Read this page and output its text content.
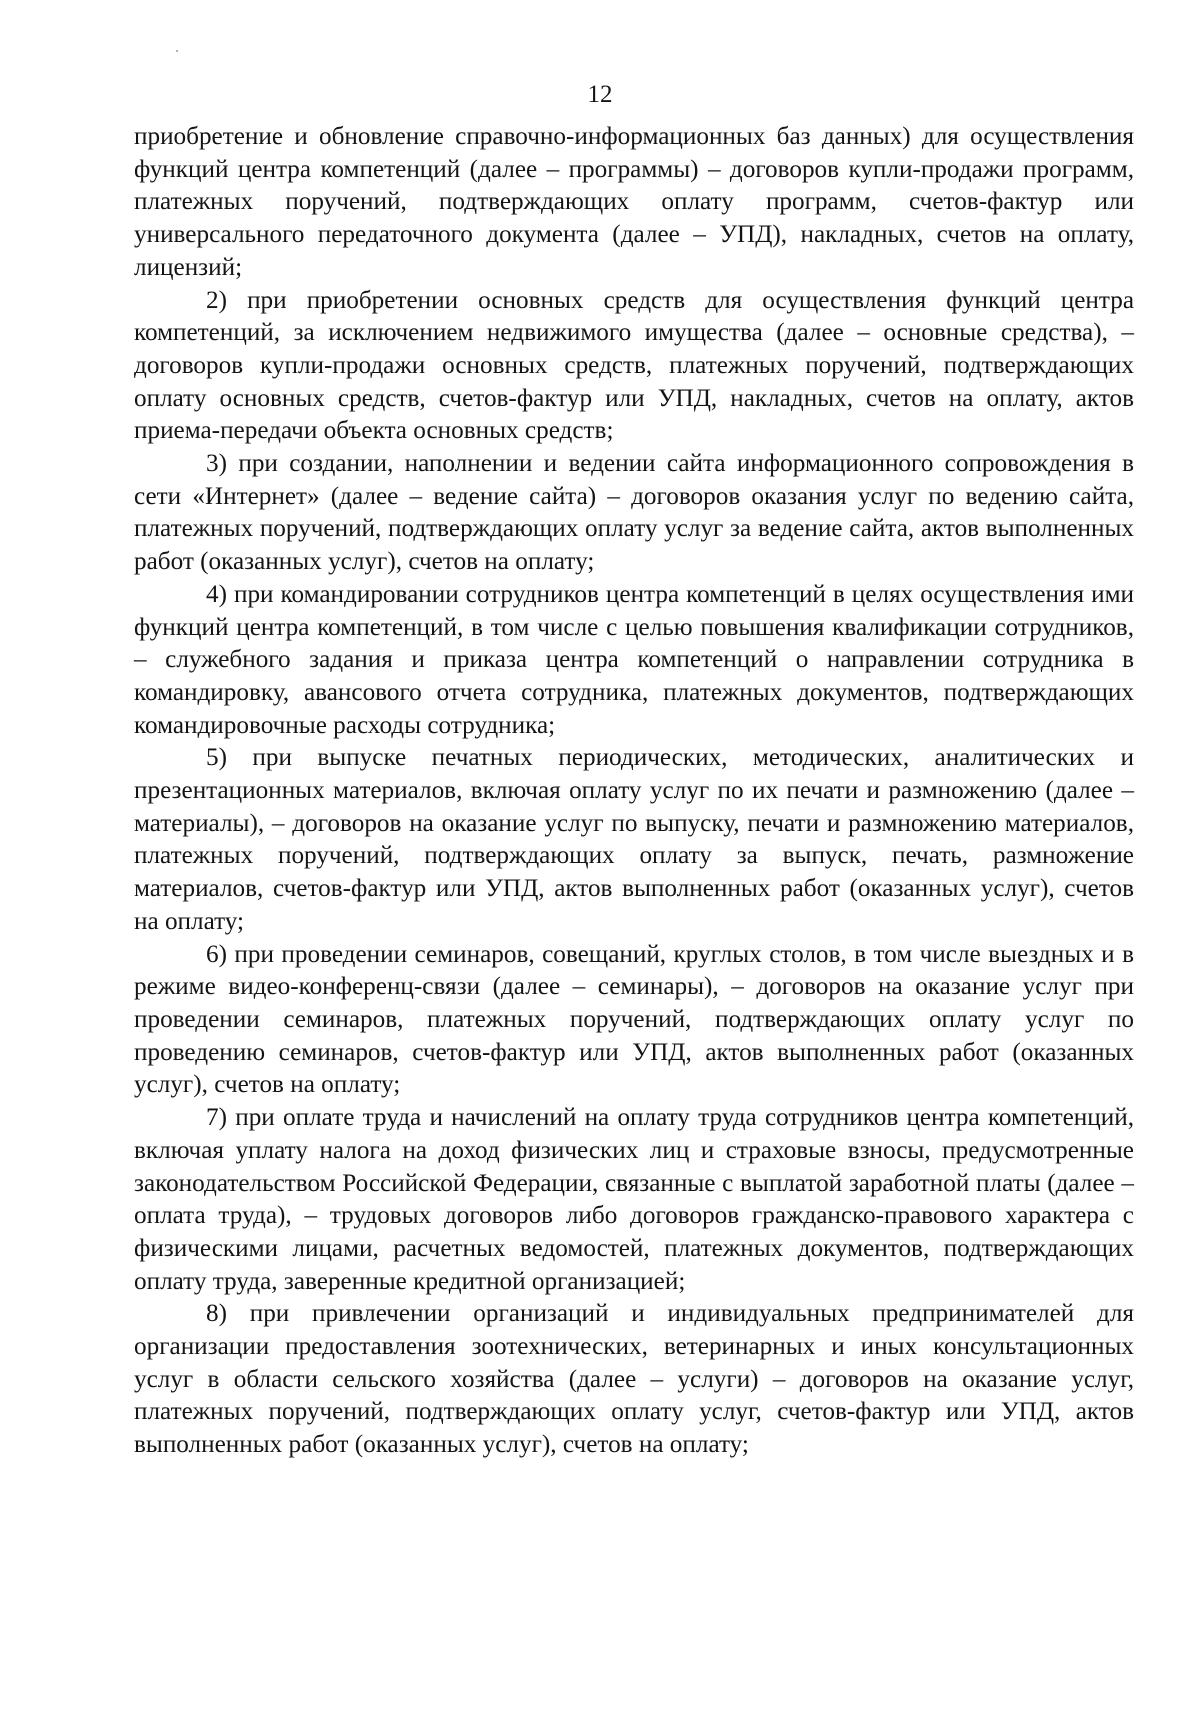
12

приобретение и обновление справочно-информационных баз данных) для осуществления функций центра компетенций (далее – программы) – договоров купли-продажи программ, платежных поручений, подтверждающих оплату программ, счетов-фактур или универсального передаточного документа (далее – УПД), накладных, счетов на оплату, лицензий;

2) при приобретении основных средств для осуществления функций центра компетенций, за исключением недвижимого имущества (далее – основные средства), – договоров купли-продажи основных средств, платежных поручений, подтверждающих оплату основных средств, счетов-фактур или УПД, накладных, счетов на оплату, актов приема-передачи объекта основных средств;

3) при создании, наполнении и ведении сайта информационного сопровождения в сети «Интернет» (далее – ведение сайта) – договоров оказания услуг по ведению сайта, платежных поручений, подтверждающих оплату услуг за ведение сайта, актов выполненных работ (оказанных услуг), счетов на оплату;

4) при командировании сотрудников центра компетенций в целях осуществления ими функций центра компетенций, в том числе с целью повышения квалификации сотрудников, – служебного задания и приказа центра компетенций о направлении сотрудника в командировку, авансового отчета сотрудника, платежных документов, подтверждающих командировочные расходы сотрудника;

5) при выпуске печатных периодических, методических, аналитических и презентационных материалов, включая оплату услуг по их печати и размножению (далее – материалы), – договоров на оказание услуг по выпуску, печати и размножению материалов, платежных поручений, подтверждающих оплату за выпуск, печать, размножение материалов, счетов-фактур или УПД, актов выполненных работ (оказанных услуг), счетов на оплату;

6) при проведении семинаров, совещаний, круглых столов, в том числе выездных и в режиме видео-конференц-связи (далее – семинары), – договоров на оказание услуг при проведении семинаров, платежных поручений, подтверждающих оплату услуг по проведению семинаров, счетов-фактур или УПД, актов выполненных работ (оказанных услуг), счетов на оплату;

7) при оплате труда и начислений на оплату труда сотрудников центра компетенций, включая уплату налога на доход физических лиц и страховые взносы, предусмотренные законодательством Российской Федерации, связанные с выплатой заработной платы (далее – оплата труда), – трудовых договоров либо договоров гражданско-правового характера с физическими лицами, расчетных ведомостей, платежных документов, подтверждающих оплату труда, заверенные кредитной организацией;

8) при привлечении организаций и индивидуальных предпринимателей для организации предоставления зоотехнических, ветеринарных и иных консультационных услуг в области сельского хозяйства (далее – услуги) – договоров на оказание услуг, платежных поручений, подтверждающих оплату услуг, счетов-фактур или УПД, актов выполненных работ (оказанных услуг), счетов на оплату;
